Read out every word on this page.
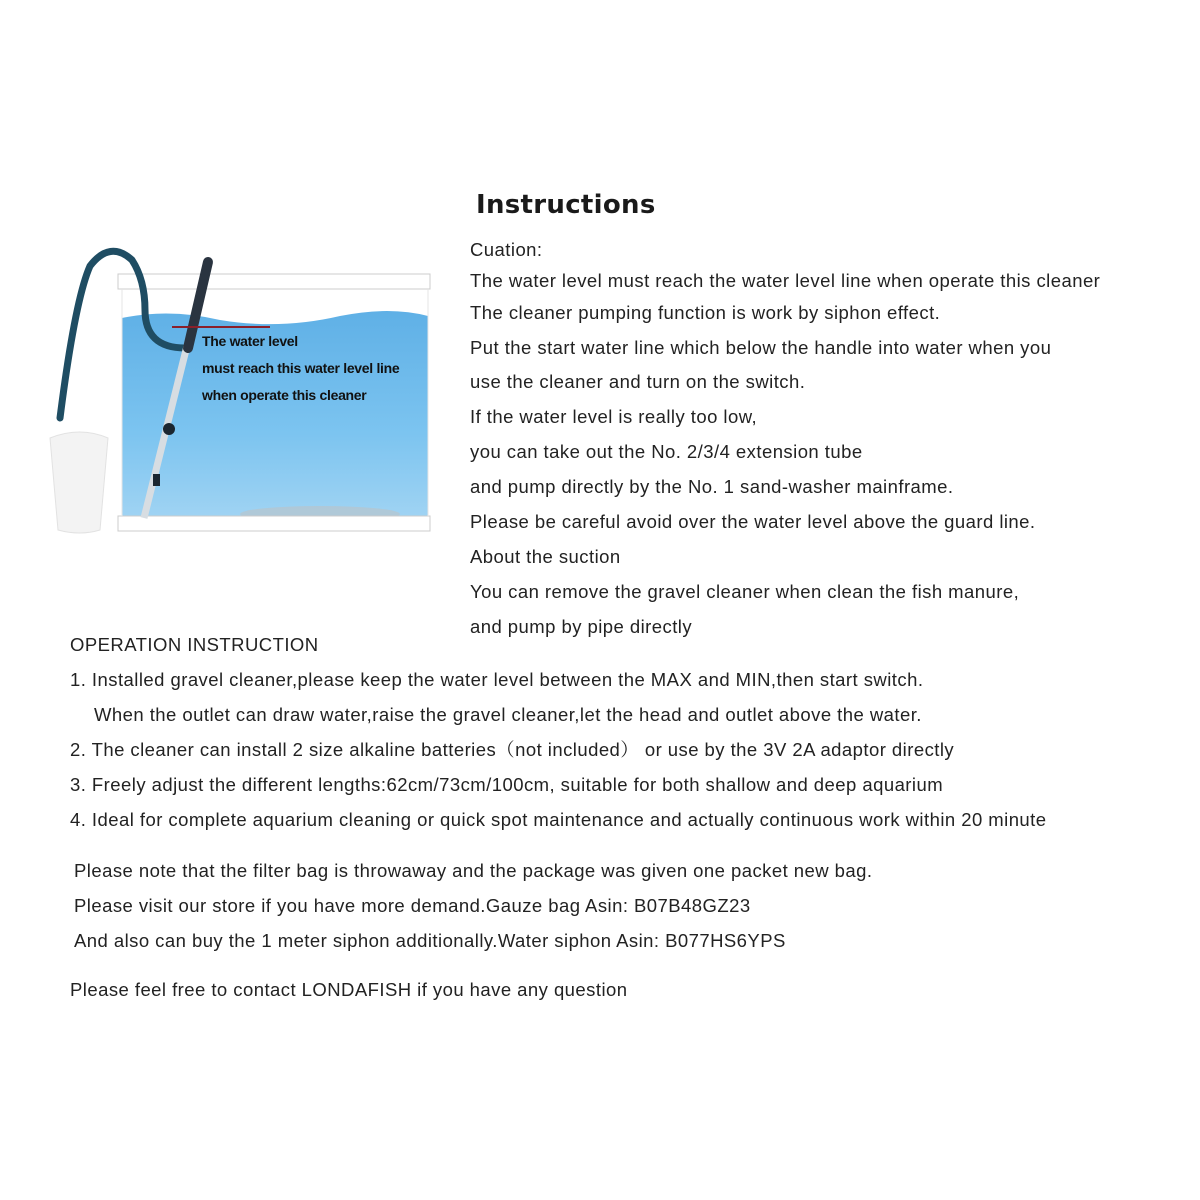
Instructions
The water level
must reach this water level line
when operate this cleaner
Cuation:
The water level must reach the water level line when operate this cleaner
The cleaner pumping function is work by siphon effect.
Put the start water line which below the handle into water when you
use the cleaner and turn on the switch.
If the water level is really too low,
you can take out the No. 2/3/4 extension tube
and pump directly by the No. 1 sand-washer mainframe.
Please be careful avoid over the water level above the guard line.
About the suction
You can remove the gravel cleaner when clean the fish manure,
and pump by pipe directly
OPERATION INSTRUCTION
1. Installed gravel cleaner,please keep the water level between the MAX and MIN,then start switch.
When the outlet can draw water,raise the gravel cleaner,let the head and outlet above the water.
2. The cleaner can install 2 size alkaline batteries（not included） or use by the 3V 2A adaptor directly
3. Freely adjust the different lengths:62cm/73cm/100cm, suitable for both shallow and deep aquarium
4. Ideal for complete aquarium cleaning or quick spot maintenance and actually continuous work within 20 minute
Please note that the filter bag is throwaway and the package was given one packet new bag.
Please visit our store if you have more demand.Gauze bag Asin: B07B48GZ23
And also can buy the 1 meter siphon additionally.Water siphon Asin: B077HS6YPS
Please feel free to contact LONDAFISH if you have any question
